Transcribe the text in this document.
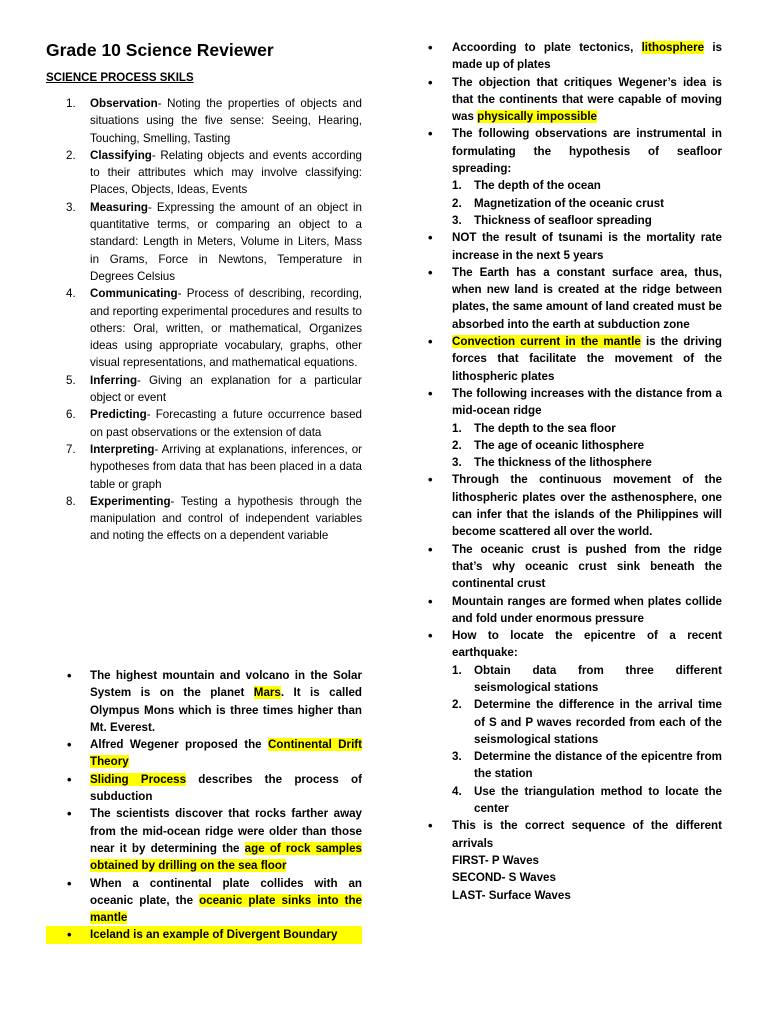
Grade 10 Science Reviewer
SCIENCE PROCESS SKILS
1. Observation- Noting the properties of objects and situations using the five sense: Seeing, Hearing, Touching, Smelling, Tasting
2. Classifying- Relating objects and events according to their attributes which may involve classifying: Places, Objects, Ideas, Events
3. Measuring- Expressing the amount of an object in quantitative terms, or comparing an object to a standard: Length in Meters, Volume in Liters, Mass in Grams, Force in Newtons, Temperature in Degrees Celsius
4. Communicating- Process of describing, recording, and reporting experimental procedures and results to others: Oral, written, or mathematical, Organizes ideas using appropriate vocabulary, graphs, other visual representations, and mathematical equations.
5. Inferring- Giving an explanation for a particular object or event
6. Predicting- Forecasting a future occurrence based on past observations or the extension of data
7. Interpreting- Arriving at explanations, inferences, or hypotheses from data that has been placed in a data table or graph
8. Experimenting- Testing a hypothesis through the manipulation and control of independent variables and noting the effects on a dependent variable
• The highest mountain and volcano in the Solar System is on the planet Mars. It is called Olympus Mons which is three times higher than Mt. Everest.
• Alfred Wegener proposed the Continental Drift Theory
• Sliding Process describes the process of subduction
• The scientists discover that rocks farther away from the mid-ocean ridge were older than those near it by determining the age of rock samples obtained by drilling on the sea floor
• When a continental plate collides with an oceanic plate, the oceanic plate sinks into the mantle
• Iceland is an example of Divergent Boundary
• Accoording to plate tectonics, lithosphere is made up of plates
• The objection that critiques Wegener’s idea is that the continents that were capable of moving was physically impossible
• The following observations are instrumental in formulating the hypothesis of seafloor spreading:
1. The depth of the ocean
2. Magnetization of the oceanic crust
3. Thickness of seafloor spreading
• NOT the result of tsunami is the mortality rate increase in the next 5 years
• The Earth has a constant surface area, thus, when new land is created at the ridge between plates, the same amount of land created must be absorbed into the earth at subduction zone
• Convection current in the mantle is the driving forces that facilitate the movement of the lithospheric plates
• The following increases with the distance from a mid-ocean ridge
1. The depth to the sea floor
2. The age of oceanic lithosphere
3. The thickness of the lithosphere
• Through the continuous movement of the lithospheric plates over the asthenosphere, one can infer that the islands of the Philippines will become scattered all over the world.
• The oceanic crust is pushed from the ridge that’s why oceanic crust sink beneath the continental crust
• Mountain ranges are formed when plates collide and fold under enormous pressure
• How to locate the epicentre of a recent earthquake:
1. Obtain data from three different seismological stations
2. Determine the difference in the arrival time of S and P waves recorded from each of the seismological stations
3. Determine the distance of the epicentre from the station
4. Use the triangulation method to locate the center
• This is the correct sequence of the different arrivals
FIRST- P Waves
SECOND- S Waves
LAST- Surface Waves
